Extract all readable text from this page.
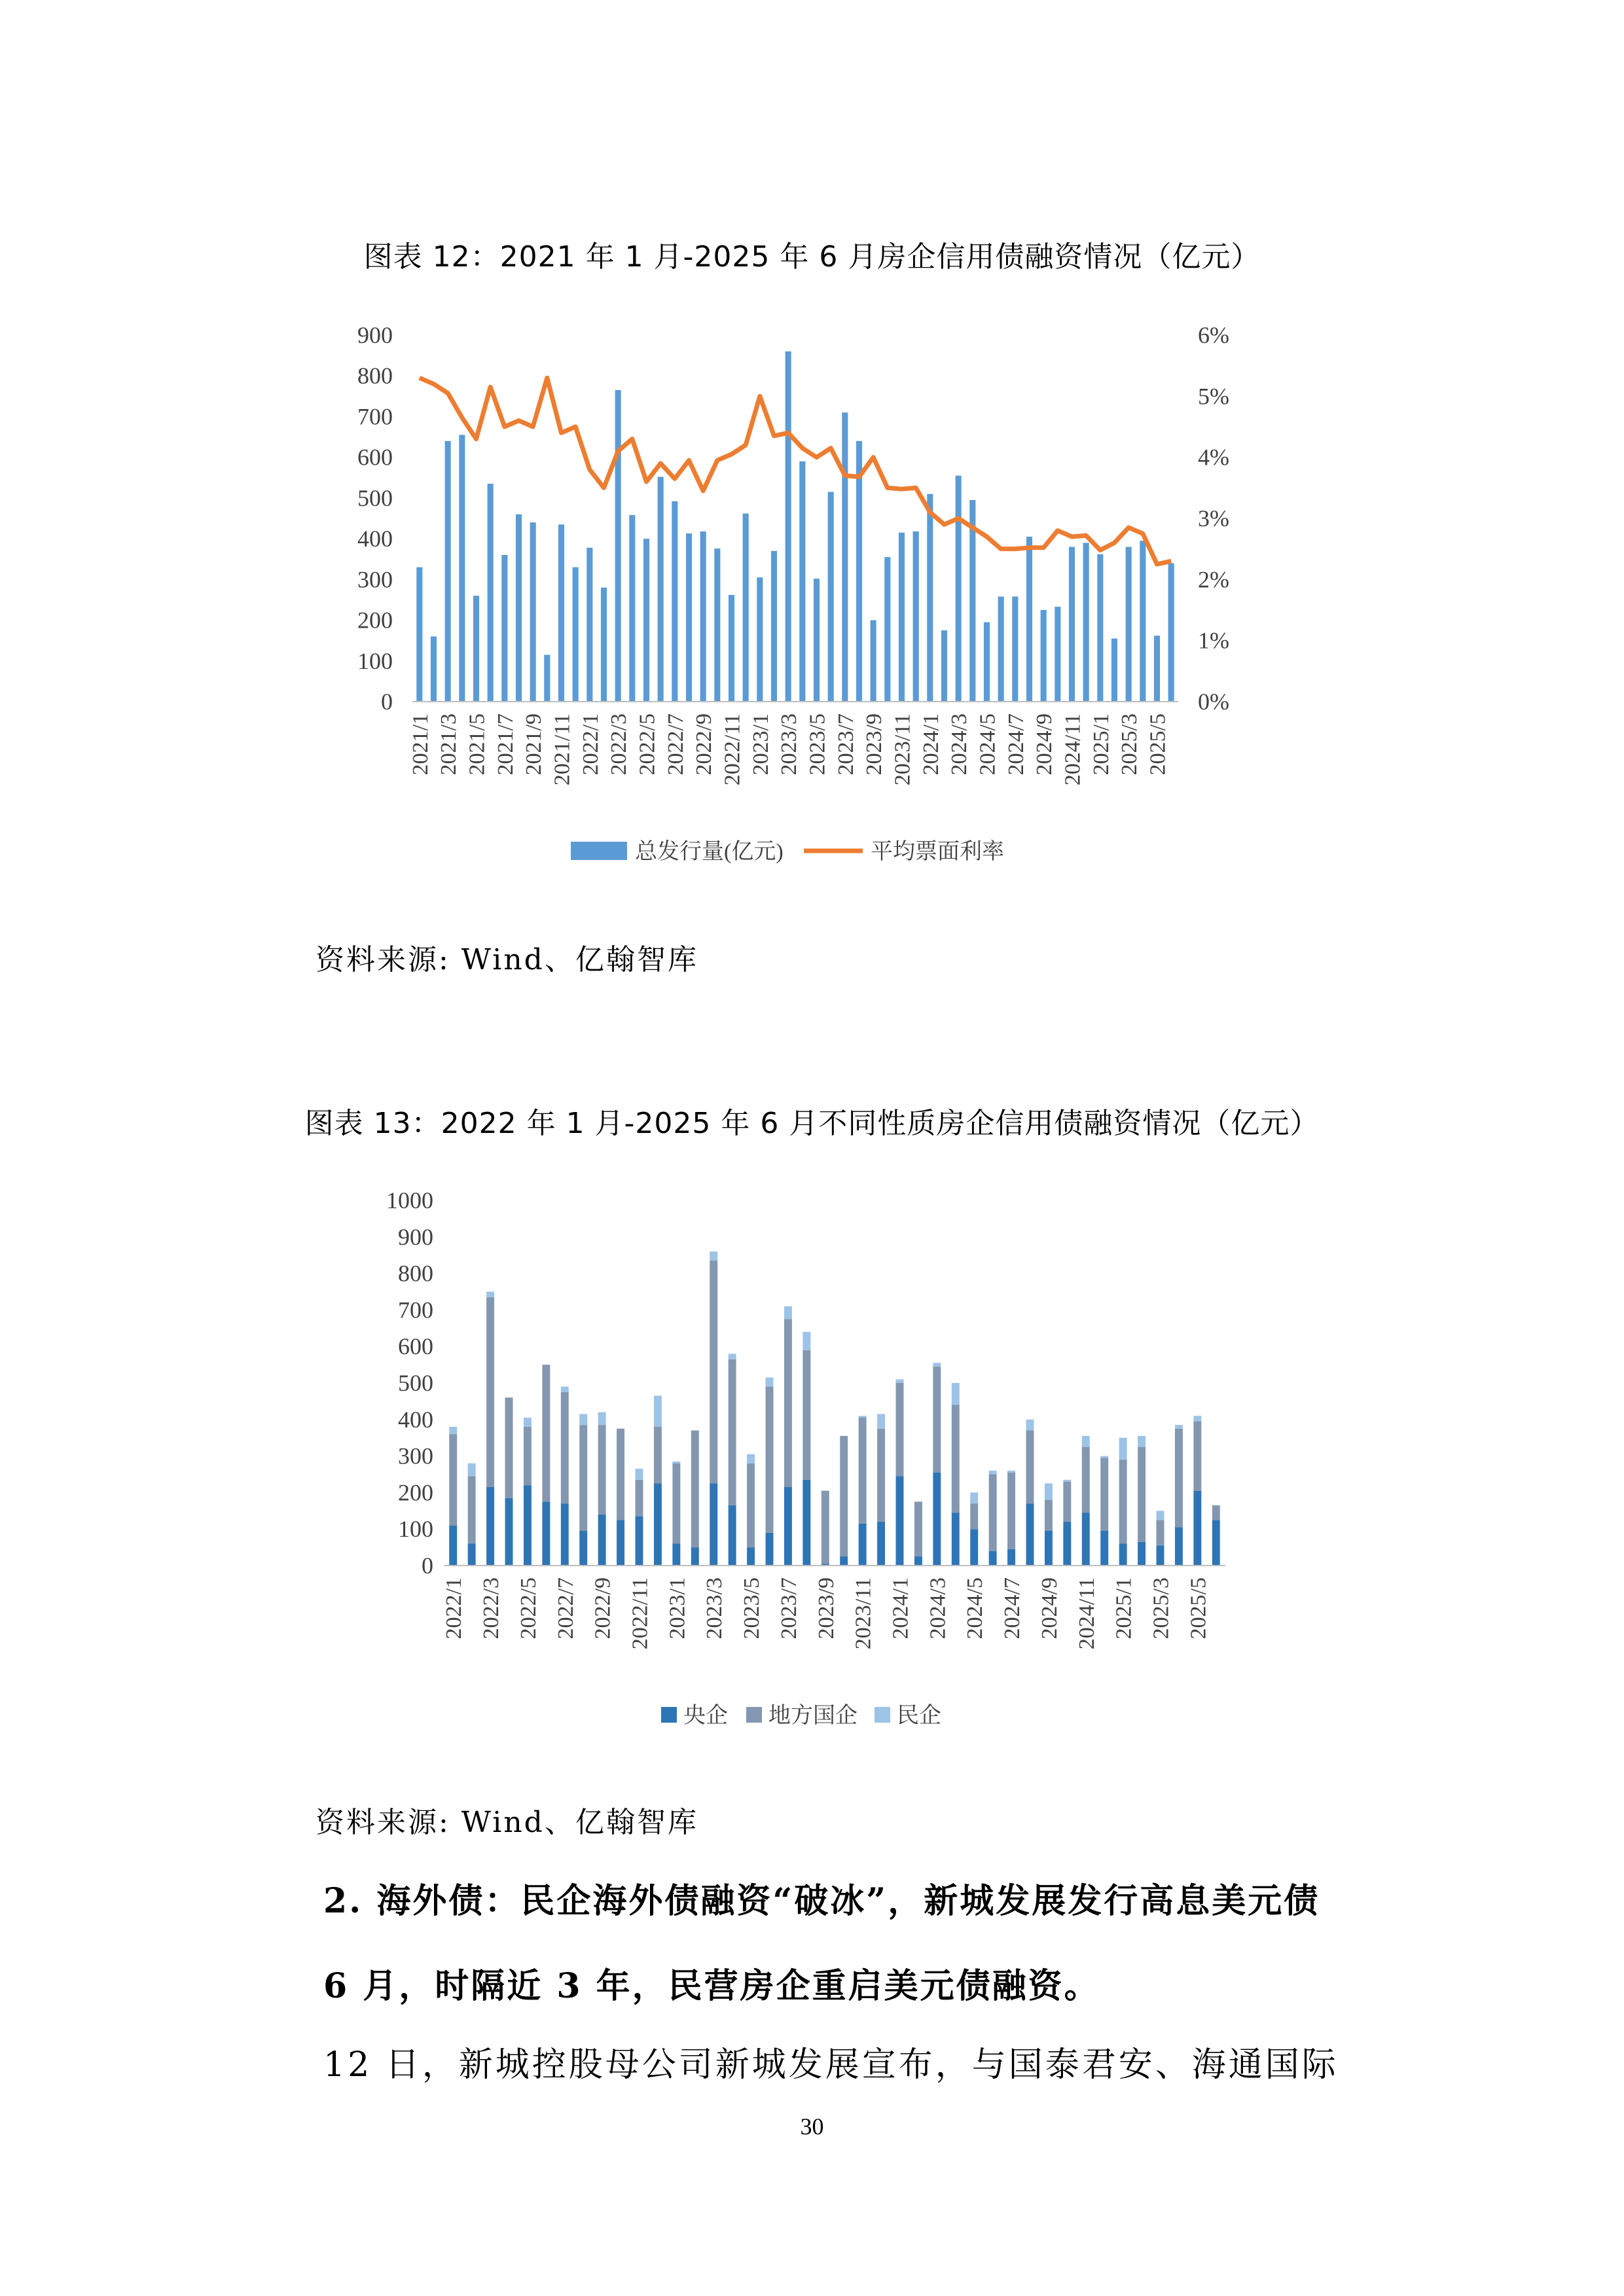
图表 12：2021 年 1 月-2025 年 6 月房企信用债融资情况（亿元）
0
100
200
300
400
500
600
700
800
900
0%
1%
2%
3%
4%
5%
6%
2021/1 2021/3 2021/5 2021/7 2021/9 2021/11 2022/1 2022/3 2022/5 2022/7 2022/9 2022/11 2023/1 2023/3 2023/5 2023/7 2023/9 2023/11 2024/1 2024/3 2024/5 2024/7 2024/9 2024/11 2025/1 2025/3 2025/5
总发行量(亿元)	平均票面利率
资料来源: Wind、亿翰智库
图表 13：2022 年 1 月-2025 年 6 月不同性质房企信用债融资情况（亿元）
0
100
200
300
400
500
600
700
800
900
1000
2022/1 2022/3 2022/5 2022/7 2022/9 2022/11 2023/1 2023/3 2023/5 2023/7 2023/9 2023/11 2024/1 2024/3 2024/5 2024/7 2024/9 2024/11 2025/1 2025/3 2025/5
央企 地方国企 民企
资料来源: Wind、亿翰智库
2. 海外债：民企海外债融资“破冰”，新城发展发行高息美元债
6 月，时隔近 3 年，民营房企重启美元债融资。
12 日，新城控股母公司新城发展宣布，与国泰君安、海通国际
30
